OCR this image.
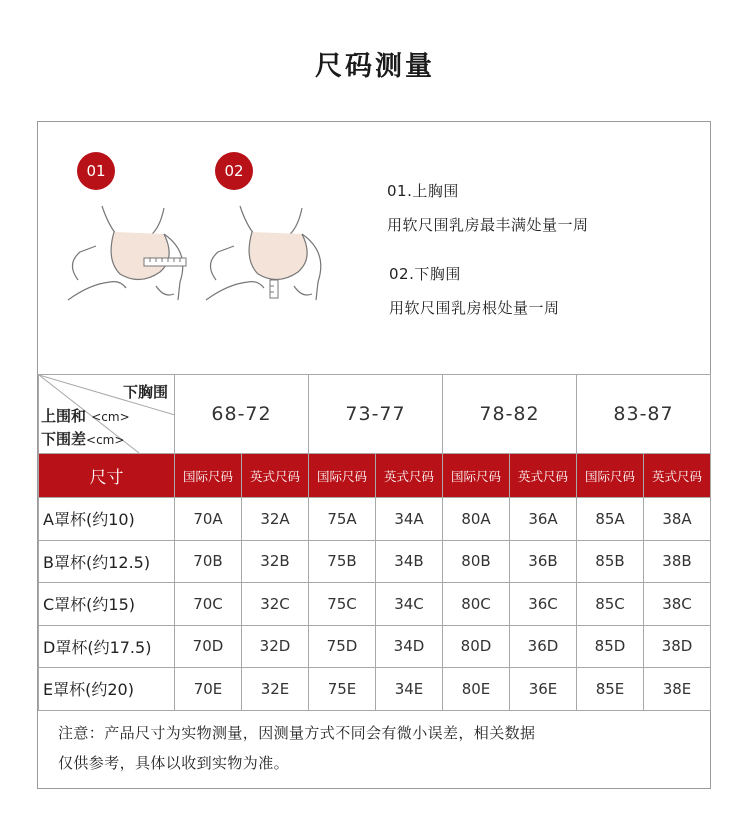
尺码测量
01	02
01.上胸围
用软尺围乳房最丰满处量一周
02.下胸围
用软尺围乳房根处量一周
下胸围
上围和 <cm>
下围差<cm>	68-72		73-77		78-82		83-87	
尺寸	国际尺码	英式尺码	国际尺码	英式尺码	国际尺码	英式尺码	国际尺码	英式尺码
A罩杯(约10)	70A	32A	75A	34A	80A	36A	85A	38A
B罩杯(约12.5)	70B	32B	75B	34B	80B	36B	85B	38B
C罩杯(约15)	70C	32C	75C	34C	80C	36C	85C	38C
D罩杯(约17.5)	70D	32D	75D	34D	80D	36D	85D	38D
E罩杯(约20)	70E	32E	75E	34E	80E	36E	85E	38E
注意：产品尺寸为实物测量，因测量方式不同会有微小误差，相关数据
仅供参考，具体以收到实物为准。
